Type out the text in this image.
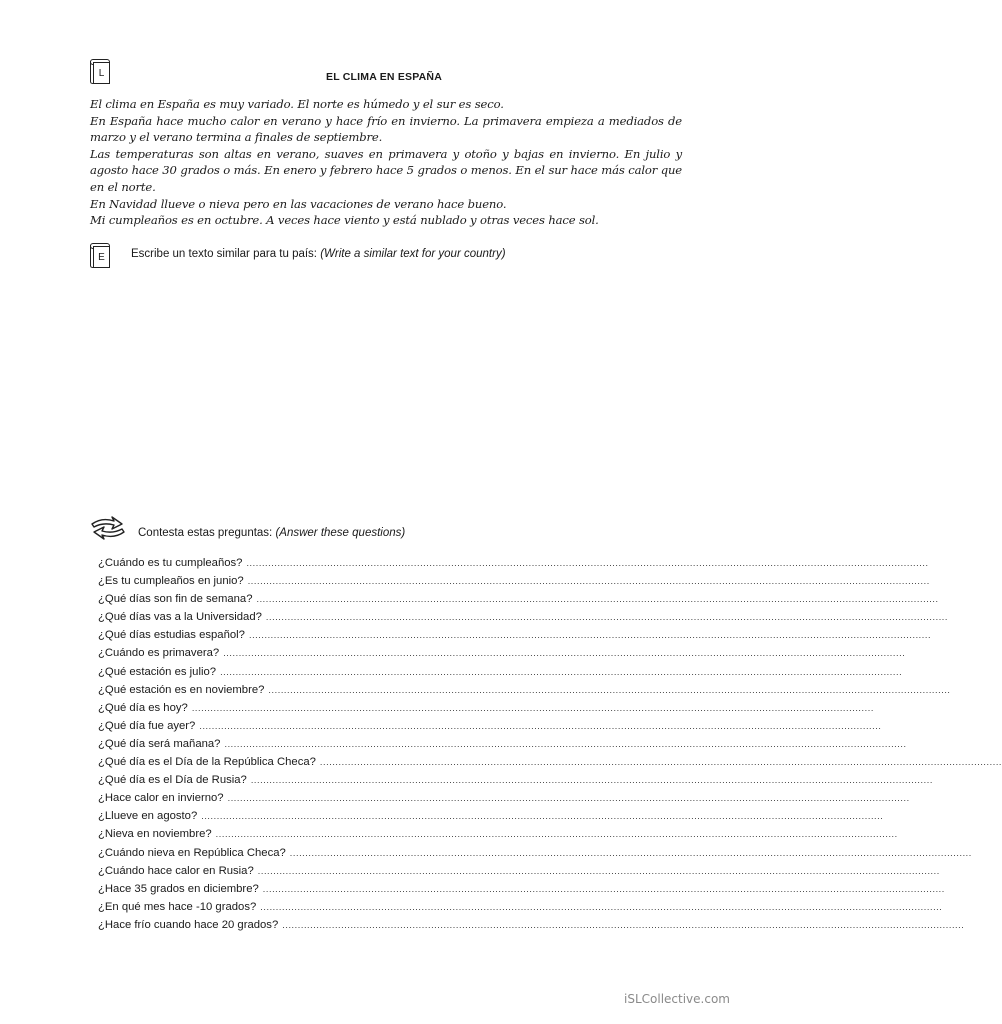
L	EL CLIMA EN ESPAÑA

El clima en España es muy variado. El norte es húmedo y el sur es seco.

En España hace mucho calor en verano y hace frío en invierno. La primavera empieza a mediados de marzo y el verano termina a finales de septiembre.

Las temperaturas son altas en verano, suaves en primavera y otoño y bajas en invierno. En julio y agosto hace 30 grados o más. En enero y febrero hace 5 grados o menos. En el sur hace más calor que en el norte.

En Navidad llueve o nieva pero en las vacaciones de verano hace bueno.

Mi cumpleaños es en octubre. A veces hace viento y está nublado y otras veces hace sol.

E	Escribe un texto similar para tu país: (Write a similar text for your country)
Contesta estas preguntas: (Answer these questions)
¿Cuándo es tu cumpleaños? ............................................................................................................................................................................................................................
¿Es tu cumpleaños en junio? ............................................................................................................................................................................................................................
¿Qué días son fin de semana? ............................................................................................................................................................................................................................
¿Qué días vas a la Universidad? ............................................................................................................................................................................................................................
¿Qué días estudias español? ............................................................................................................................................................................................................................
¿Cuándo es primavera? ............................................................................................................................................................................................................................
¿Qué estación es julio? ............................................................................................................................................................................................................................
¿Qué estación es en noviembre? ............................................................................................................................................................................................................................
¿Qué día es hoy? ............................................................................................................................................................................................................................
¿Qué día fue ayer? ............................................................................................................................................................................................................................
¿Qué día será mañana? ............................................................................................................................................................................................................................
¿Qué día es el Día de la República Checa? ............................................................................................................................................................................................................................
¿Qué día es el Día de Rusia? ............................................................................................................................................................................................................................
¿Hace calor en invierno? ............................................................................................................................................................................................................................
¿Llueve en agosto? ............................................................................................................................................................................................................................
¿Nieva en noviembre? ............................................................................................................................................................................................................................
¿Cuándo nieva en República Checa? ............................................................................................................................................................................................................................
¿Cuándo hace calor en Rusia? ............................................................................................................................................................................................................................
¿Hace 35 grados en diciembre? ............................................................................................................................................................................................................................
¿En qué mes hace -10 grados? ............................................................................................................................................................................................................................
¿Hace frío cuando hace 20 grados? ............................................................................................................................................................................................................................
iSLCollective.com
